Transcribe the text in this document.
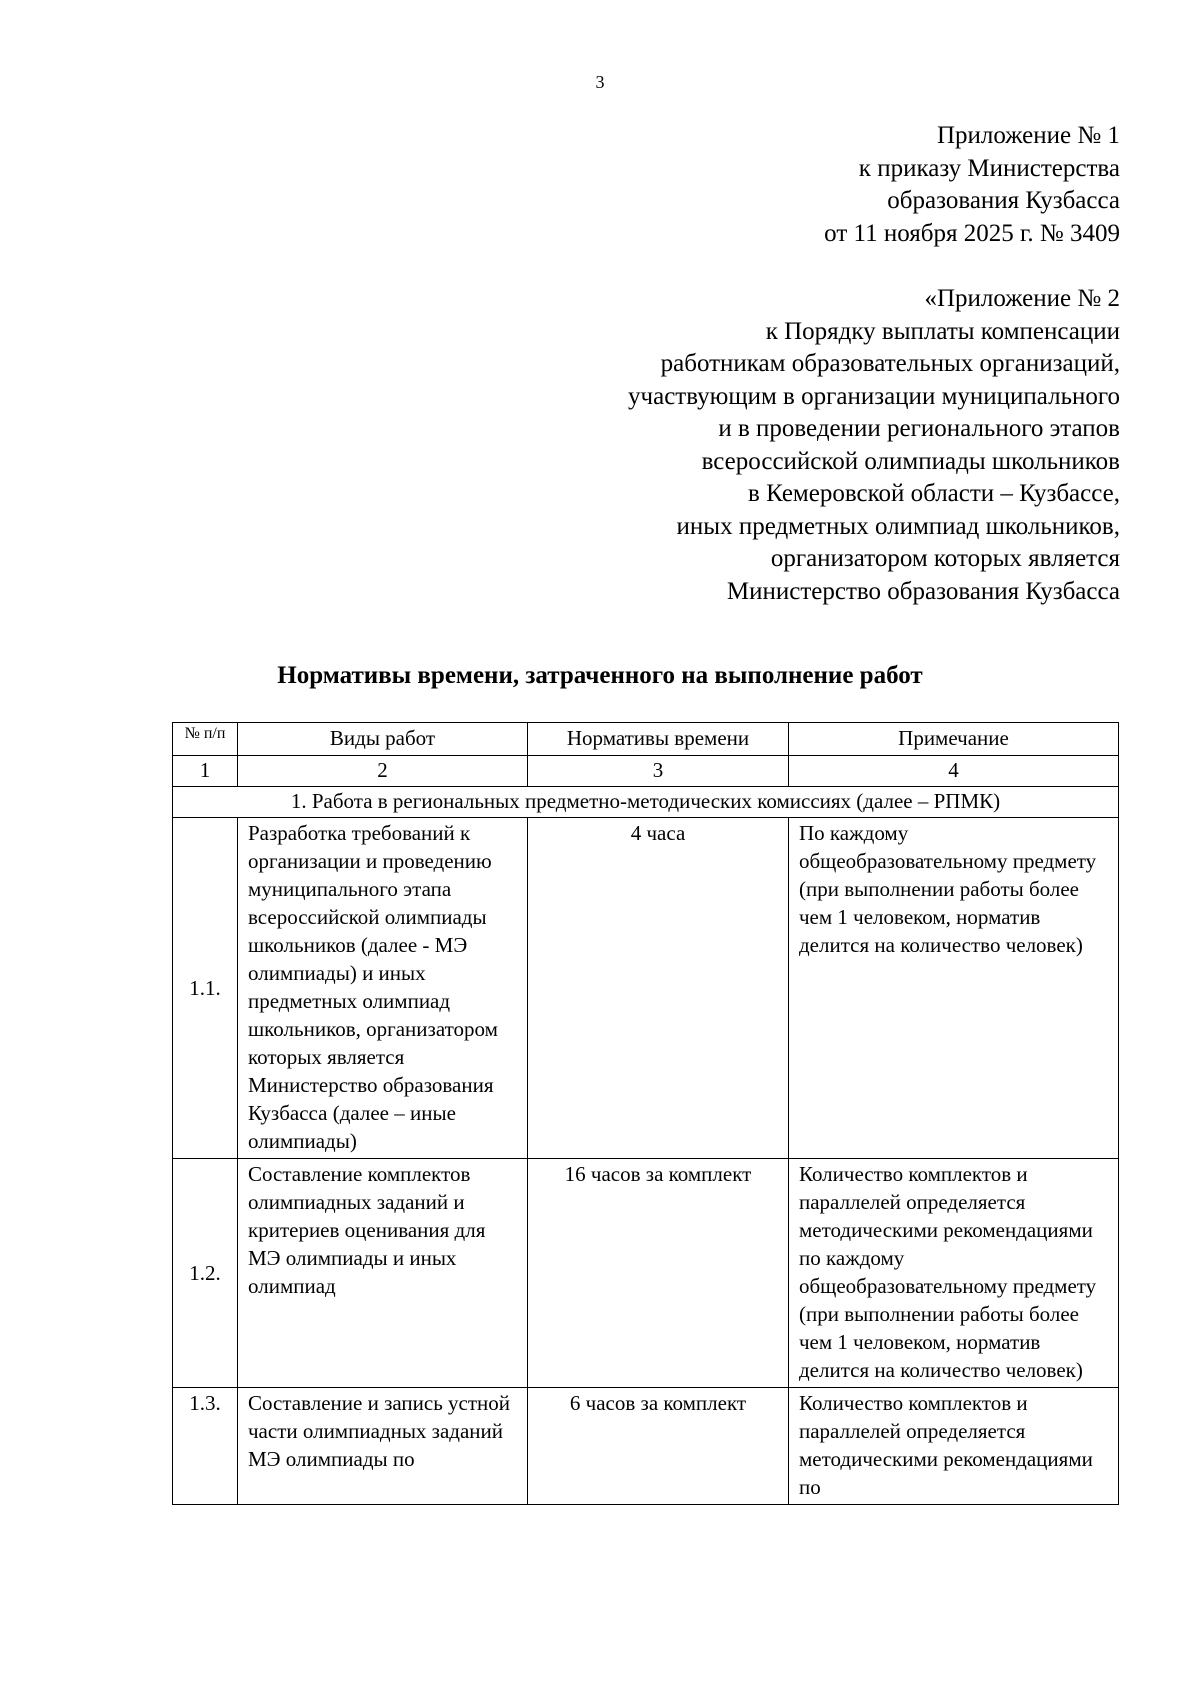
3
Приложение № 1
к приказу Министерства
образования Кузбасса
от 11 ноября 2025 г. № 3409
«Приложение № 2
к Порядку выплаты компенсации
работникам образовательных организаций,
участвующим в организации муниципального
и в проведении регионального этапов
всероссийской олимпиады школьников
в Кемеровской области – Кузбассе,
иных предметных олимпиад школьников,
организатором которых является
Министерство образования Кузбасса
Нормативы времени, затраченного на выполнение работ
№ п/п	Виды работ	Нормативы времени	Примечание
1	2	3	4
1. Работа в региональных предметно-методических комиссиях (далее – РПМК)			
1.1.	Разработка требований к организации и проведению муниципального этапа всероссийской олимпиады школьников (далее - МЭ олимпиады) и иных предметных олимпиад школьников, организатором которых является Министерство образования Кузбасса (далее – иные олимпиады)	4 часа	По каждому общеобразовательному предмету (при выполнении работы более чем 1 человеком, норматив делится на количество человек)
1.2.	Составление комплектов олимпиадных заданий и критериев оценивания для МЭ олимпиады и иных олимпиад	16 часов за комплект	Количество комплектов и параллелей определяется методическими рекомендациями по каждому общеобразовательному предмету (при выполнении работы более чем 1 человеком, норматив делится на количество человек)
1.3.	Составление и запись устной части олимпиадных заданий МЭ олимпиады по	6 часов за комплект	Количество комплектов и параллелей определяется методическими рекомендациями по
